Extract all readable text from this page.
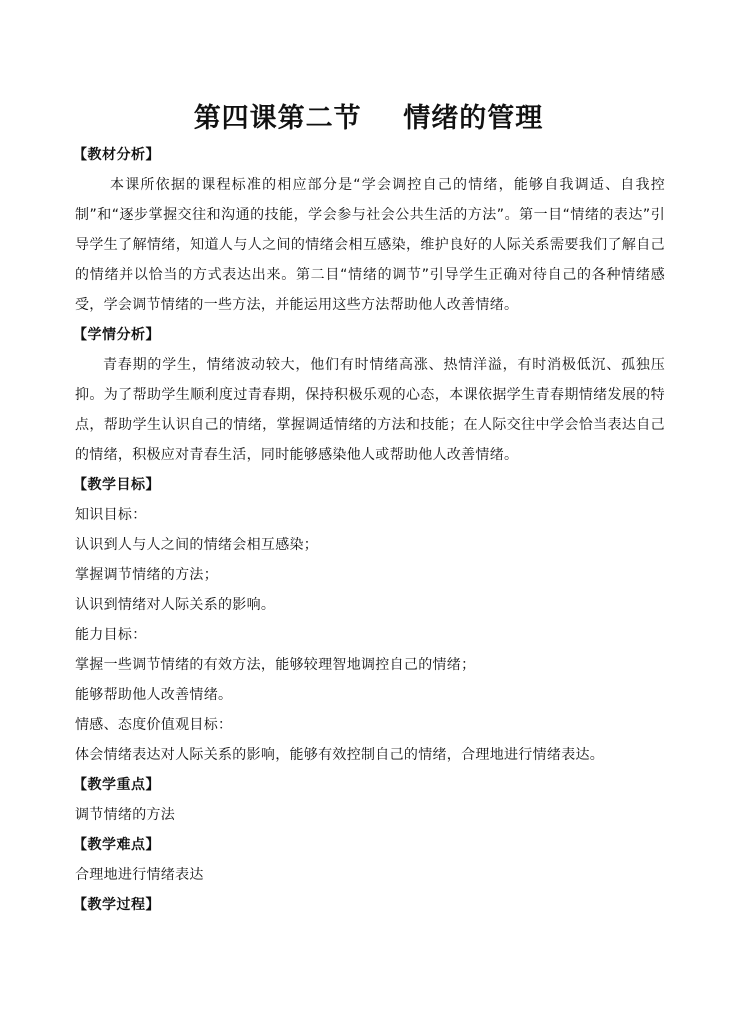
第四课第二节    情绪的管理
【教材分析】

本课所依据的课程标准的相应部分是“学会调控自己的情绪，能够自我调适、自我控制”和“逐步掌握交往和沟通的技能，学会参与社会公共生活的方法”。第一目“情绪的表达”引导学生了解情绪，知道人与人之间的情绪会相互感染，维护良好的人际关系需要我们了解自己的情绪并以恰当的方式表达出来。第二目“情绪的调节”引导学生正确对待自己的各种情绪感受，学会调节情绪的一些方法，并能运用这些方法帮助他人改善情绪。

【学情分析】

青春期的学生，情绪波动较大，他们有时情绪高涨、热情洋溢，有时消极低沉、孤独压抑。为了帮助学生顺利度过青春期，保持积极乐观的心态，本课依据学生青春期情绪发展的特点，帮助学生认识自己的情绪，掌握调适情绪的方法和技能；在人际交往中学会恰当表达自己的情绪，积极应对青春生活，同时能够感染他人或帮助他人改善情绪。

【教学目标】
知识目标：
认识到人与人之间的情绪会相互感染；
掌握调节情绪的方法；
认识到情绪对人际关系的影响。
能力目标：
掌握一些调节情绪的有效方法，能够较理智地调控自己的情绪；
能够帮助他人改善情绪。
情感、态度价值观目标：
体会情绪表达对人际关系的影响，能够有效控制自己的情绪，合理地进行情绪表达。
【教学重点】
调节情绪的方法
【教学难点】
合理地进行情绪表达
【教学过程】
